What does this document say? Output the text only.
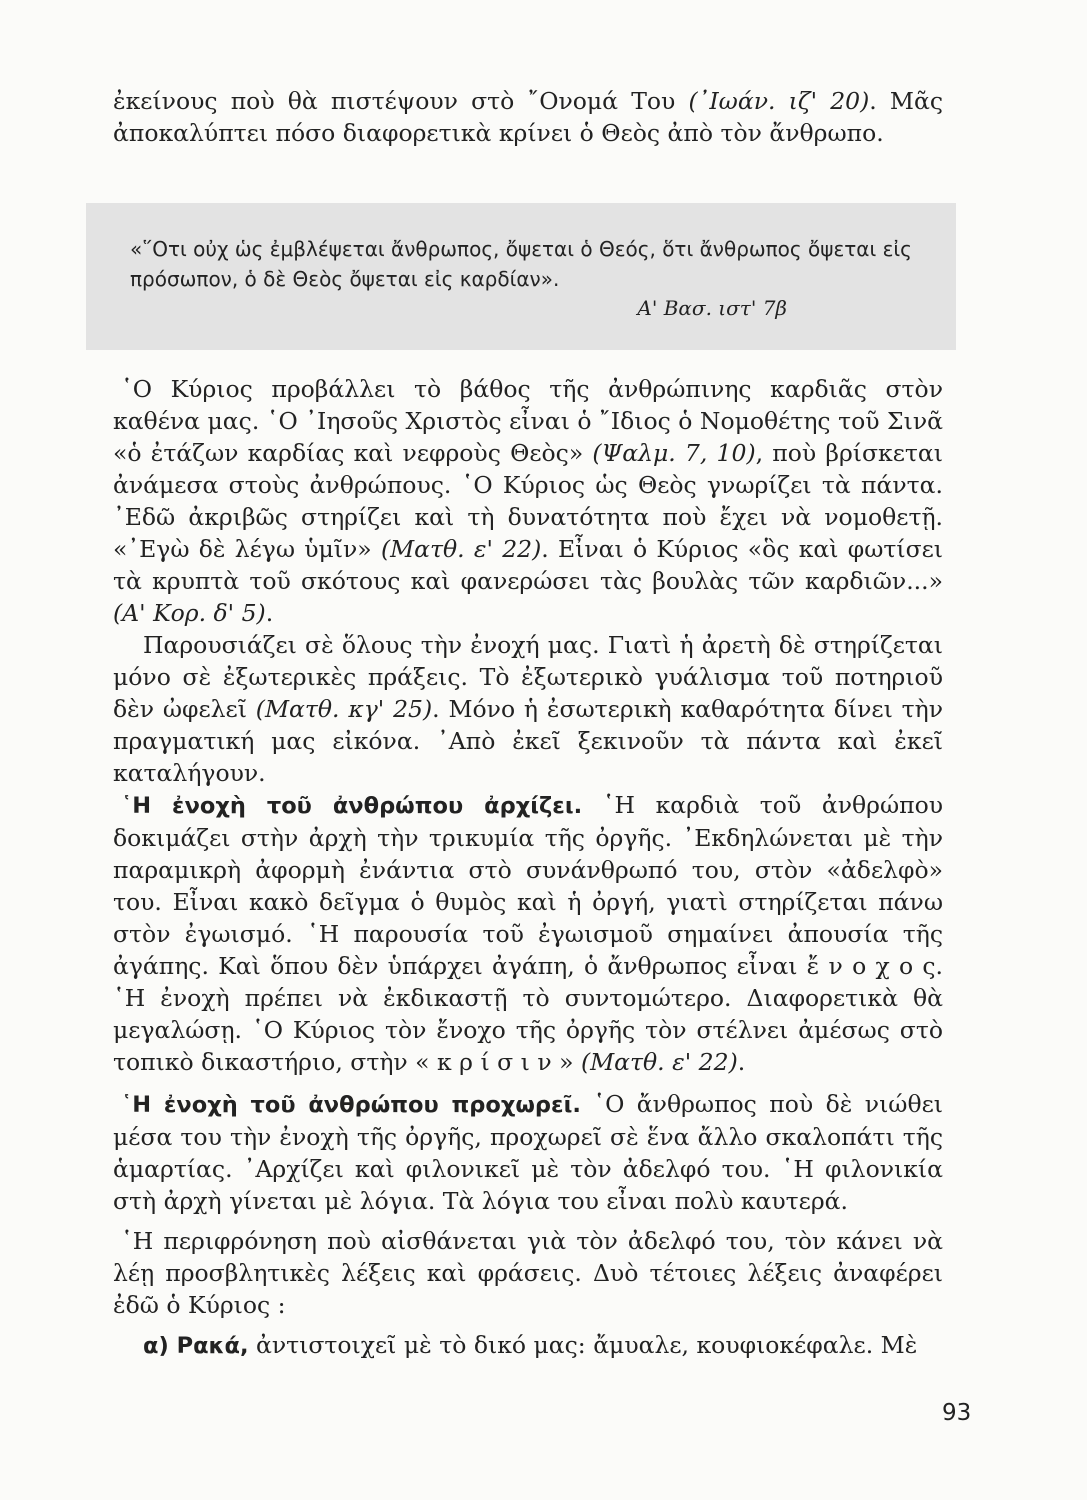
ἐκείνους ποὺ θὰ πιστέψουν στὸ ῎Ονομά Του (᾿Ιωάν. ιζ' 20). Μᾶς ἀποκαλύπτει πόσο διαφορετικὰ κρίνει ὁ Θεὸς ἀπὸ τὸν ἄνθρωπο.

«῞Οτι οὐχ ὡς ἐμβλέψεται ἄνθρωπος, ὄψεται ὁ Θεός, ὅτι ἄνθρωπος ὄψεται εἰς πρόσωπον, ὁ δὲ Θεὸς ὄψεται εἰς καρδίαν».

Α' Βασ. ιστ' 7β

῾Ο Κύριος προβάλλει τὸ βάθος τῆς ἀνθρώπινης καρδιᾶς στὸν καθένα μας. ῾Ο ᾿Ιησοῦς Χριστὸς εἶναι ὁ ῎Ιδιος ὁ Νομοθέτης τοῦ Σινᾶ «ὁ ἐτάζων καρδίας καὶ νεφροὺς Θεὸς» (Ψαλμ. 7, 10), ποὺ βρίσκεται ἀνάμεσα στοὺς ἀνθρώπους. ῾Ο Κύριος ὡς Θεὸς γνωρίζει τὰ πάντα. ᾿Εδῶ ἀκριβῶς στηρίζει καὶ τὴ δυνατότητα ποὺ ἔχει νὰ νομοθετῇ. «᾿Εγὼ δὲ λέγω ὑμῖν» (Ματθ. ε' 22). Εἶναι ὁ Κύριος «ὃς καὶ φωτίσει τὰ κρυπτὰ τοῦ σκότους καὶ φανερώσει τὰς βουλὰς τῶν καρδιῶν...» (Α' Κορ. δ' 5).

Παρουσιάζει σὲ ὅλους τὴν ἐνοχή μας. Γιατὶ ἡ ἀρετὴ δὲ στηρίζεται μόνο σὲ ἐξωτερικὲς πράξεις. Τὸ ἐξωτερικὸ γυάλισμα τοῦ ποτηριοῦ δὲν ὠφελεῖ (Ματθ. κγ' 25). Μόνο ἡ ἐσωτερικὴ καθαρότητα δίνει τὴν πραγματική μας εἰκόνα. ᾿Απὸ ἐκεῖ ξεκινοῦν τὰ πάντα καὶ ἐκεῖ καταλήγουν.

῾Η ἐνοχὴ τοῦ ἀνθρώπου ἀρχίζει. ῾Η καρδιὰ τοῦ ἀνθρώπου δοκιμάζει στὴν ἀρχὴ τὴν τρικυμία τῆς ὀργῆς. ᾿Εκδηλώνεται μὲ τὴν παραμικρὴ ἀφορμὴ ἐνάντια στὸ συνάνθρωπό του, στὸν «ἀδελφὸ» του. Εἶναι κακὸ δεῖγμα ὁ θυμὸς καὶ ἡ ὀργή, γιατὶ στηρίζεται πάνω στὸν ἐγωισμό. ῾Η παρουσία τοῦ ἐγωισμοῦ σημαίνει ἀπουσία τῆς ἀγάπης. Καὶ ὅπου δὲν ὑπάρχει ἀγάπη, ὁ ἄνθρωπος εἶναι ἔ ν ο χ ο ς. ῾Η ἐνοχὴ πρέπει νὰ ἐκδικαστῇ τὸ συντομώτερο. Διαφορετικὰ θὰ μεγαλώσῃ. ῾Ο Κύριος τὸν ἔνοχο τῆς ὀργῆς τὸν στέλνει ἀμέσως στὸ τοπικὸ δικαστήριο, στὴν « κ ρ ί σ ι ν » (Ματθ. ε' 22).

῾Η ἐνοχὴ τοῦ ἀνθρώπου προχωρεῖ. ῾Ο ἄνθρωπος ποὺ δὲ νιώθει μέσα του τὴν ἐνοχὴ τῆς ὀργῆς, προχωρεῖ σὲ ἕνα ἄλλο σκαλοπάτι τῆς ἁμαρτίας. ᾿Αρχίζει καὶ φιλονικεῖ μὲ τὸν ἀδελφό του. ῾Η φιλονικία στὴ ἀρχὴ γίνεται μὲ λόγια. Τὰ λόγια του εἶναι πολὺ καυτερά.

῾Η περιφρόνηση ποὺ αἰσθάνεται γιὰ τὸν ἀδελφό του, τὸν κάνει νὰ λέῃ προσβλητικὲς λέξεις καὶ φράσεις. Δυὸ τέτοιες λέξεις ἀναφέρει ἐδῶ ὁ Κύριος :

α) Ρακά, ἀντιστοιχεῖ μὲ τὸ δικό μας: ἄμυαλε, κουφιοκέφαλε. Μὲ

93
